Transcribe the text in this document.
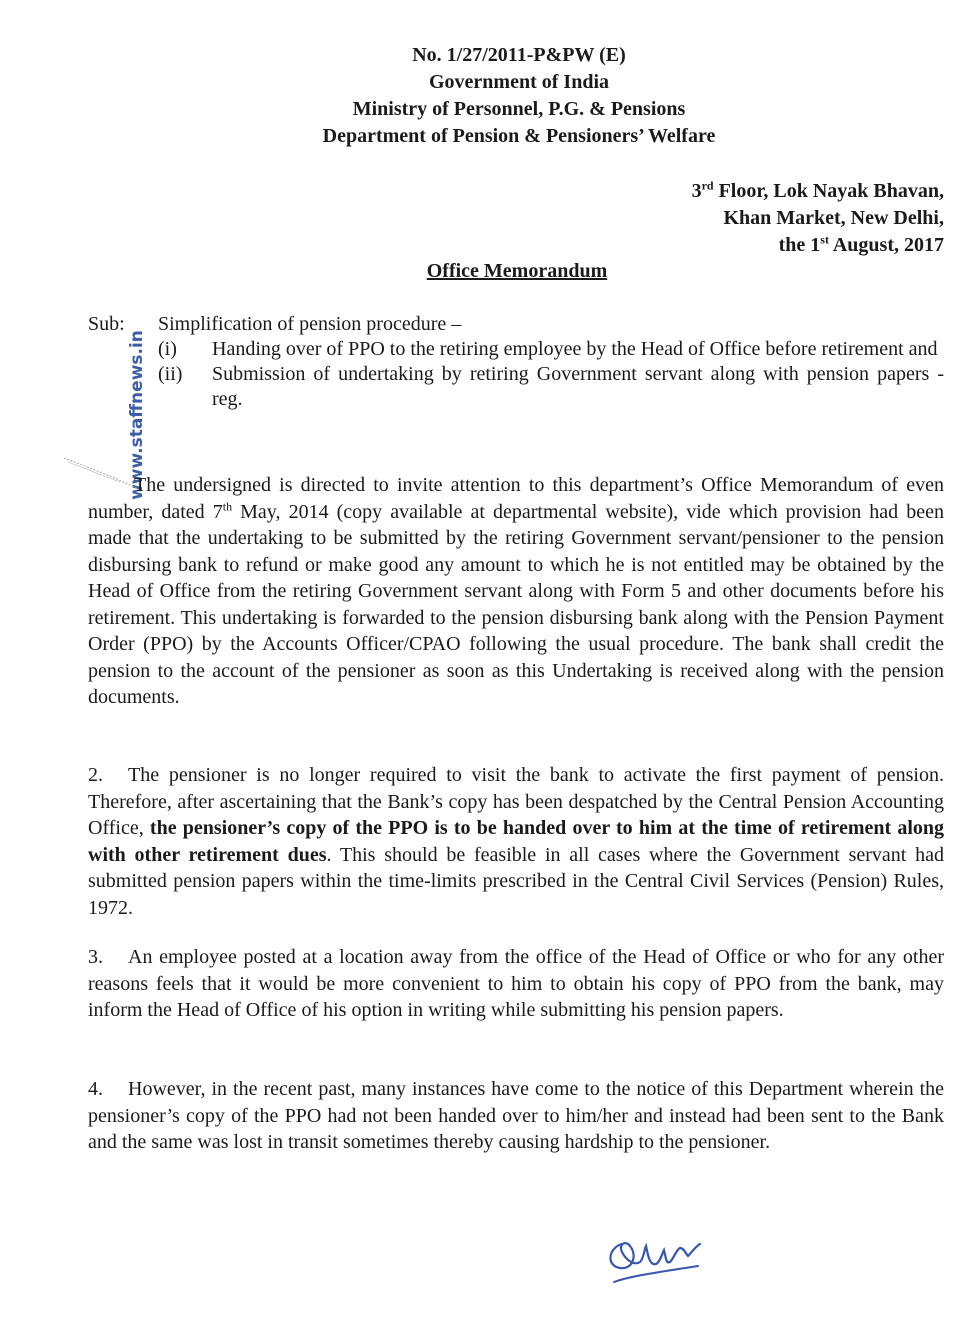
No. 1/27/2011-P&PW (E)
Government of India
Ministry of Personnel, P.G. & Pensions
Department of Pension & Pensioners’ Welfare
3rd Floor, Lok Nayak Bhavan,
Khan Market, New Delhi,
the 1st August, 2017
Office Memorandum
Sub:	Simplification of pension procedure –
(i)	Handing over of PPO to the retiring employee by the Head of Office before retirement and
(ii)	Submission of undertaking by retiring Government servant along with pension papers - reg.
www.staffnews.in

The undersigned is directed to invite attention to this department’s Office Memorandum of even number, dated 7th May, 2014 (copy available at departmental website), vide which provision had been made that the undertaking to be submitted by the retiring Government servant/pensioner to the pension disbursing bank to refund or make good any amount to which he is not entitled may be obtained by the Head of Office from the retiring Government servant along with Form 5 and other documents before his retirement. This undertaking is forwarded to the pension disbursing bank along with the Pension Payment Order (PPO) by the Accounts Officer/CPAO following the usual procedure. The bank shall credit the pension to the account of the pensioner as soon as this Undertaking is received along with the pension documents.

2. The pensioner is no longer required to visit the bank to activate the first payment of pension. Therefore, after ascertaining that the Bank’s copy has been despatched by the Central Pension Accounting Office, the pensioner’s copy of the PPO is to be handed over to him at the time of retirement along with other retirement dues. This should be feasible in all cases where the Government servant had submitted pension papers within the time-limits prescribed in the Central Civil Services (Pension) Rules, 1972.

3. An employee posted at a location away from the office of the Head of Office or who for any other reasons feels that it would be more convenient to him to obtain his copy of PPO from the bank, may inform the Head of Office of his option in writing while submitting his pension papers.

4. However, in the recent past, many instances have come to the notice of this Department wherein the pensioner’s copy of the PPO had not been handed over to him/her and instead had been sent to the Bank and the same was lost in transit sometimes thereby causing hardship to the pensioner.
